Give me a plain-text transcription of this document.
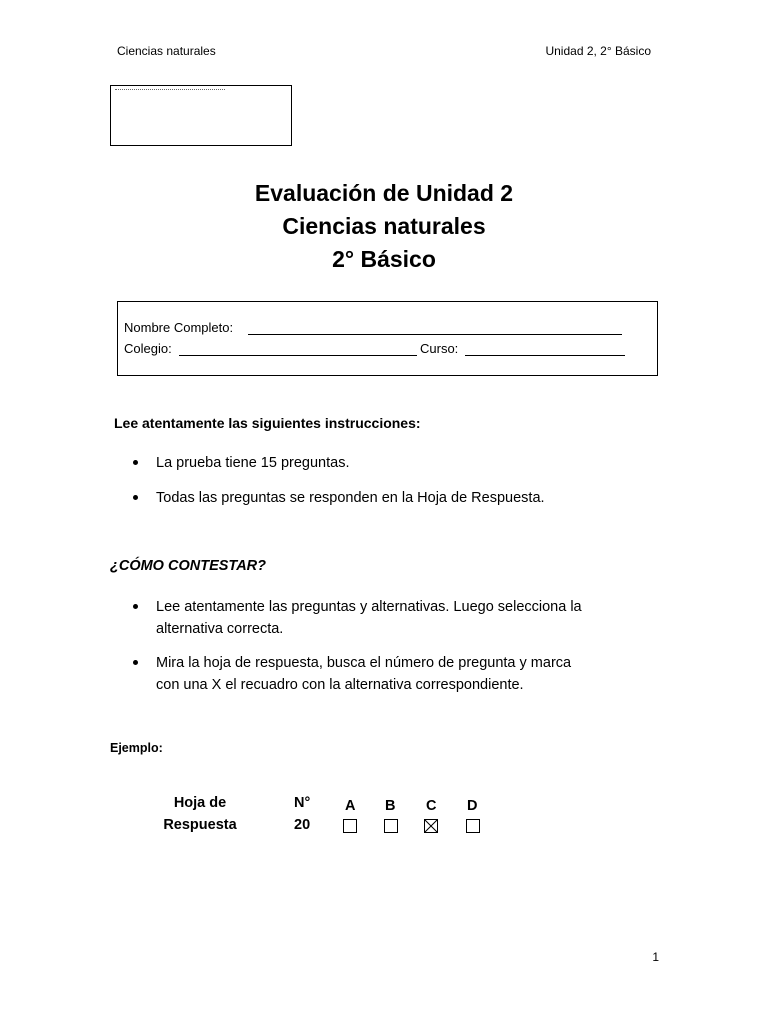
Ciencias naturales	Unidad 2, 2° Básico
Evaluación de Unidad 2
Ciencias naturales
2° Básico
Nombre Completo:
Colegio:	Curso:
Lee atentamente las siguientes instrucciones:
La prueba tiene 15 preguntas.
Todas las preguntas se responden en la Hoja de Respuesta.
¿CÓMO CONTESTAR?
Lee atentamente las preguntas y alternativas. Luego selecciona la
alternativa correcta.
Mira la hoja de respuesta, busca el número de pregunta y marca
con una X el recuadro con la alternativa correspondiente.
Ejemplo:
Hoja de
Respuesta
N°
20
A B C D
1
